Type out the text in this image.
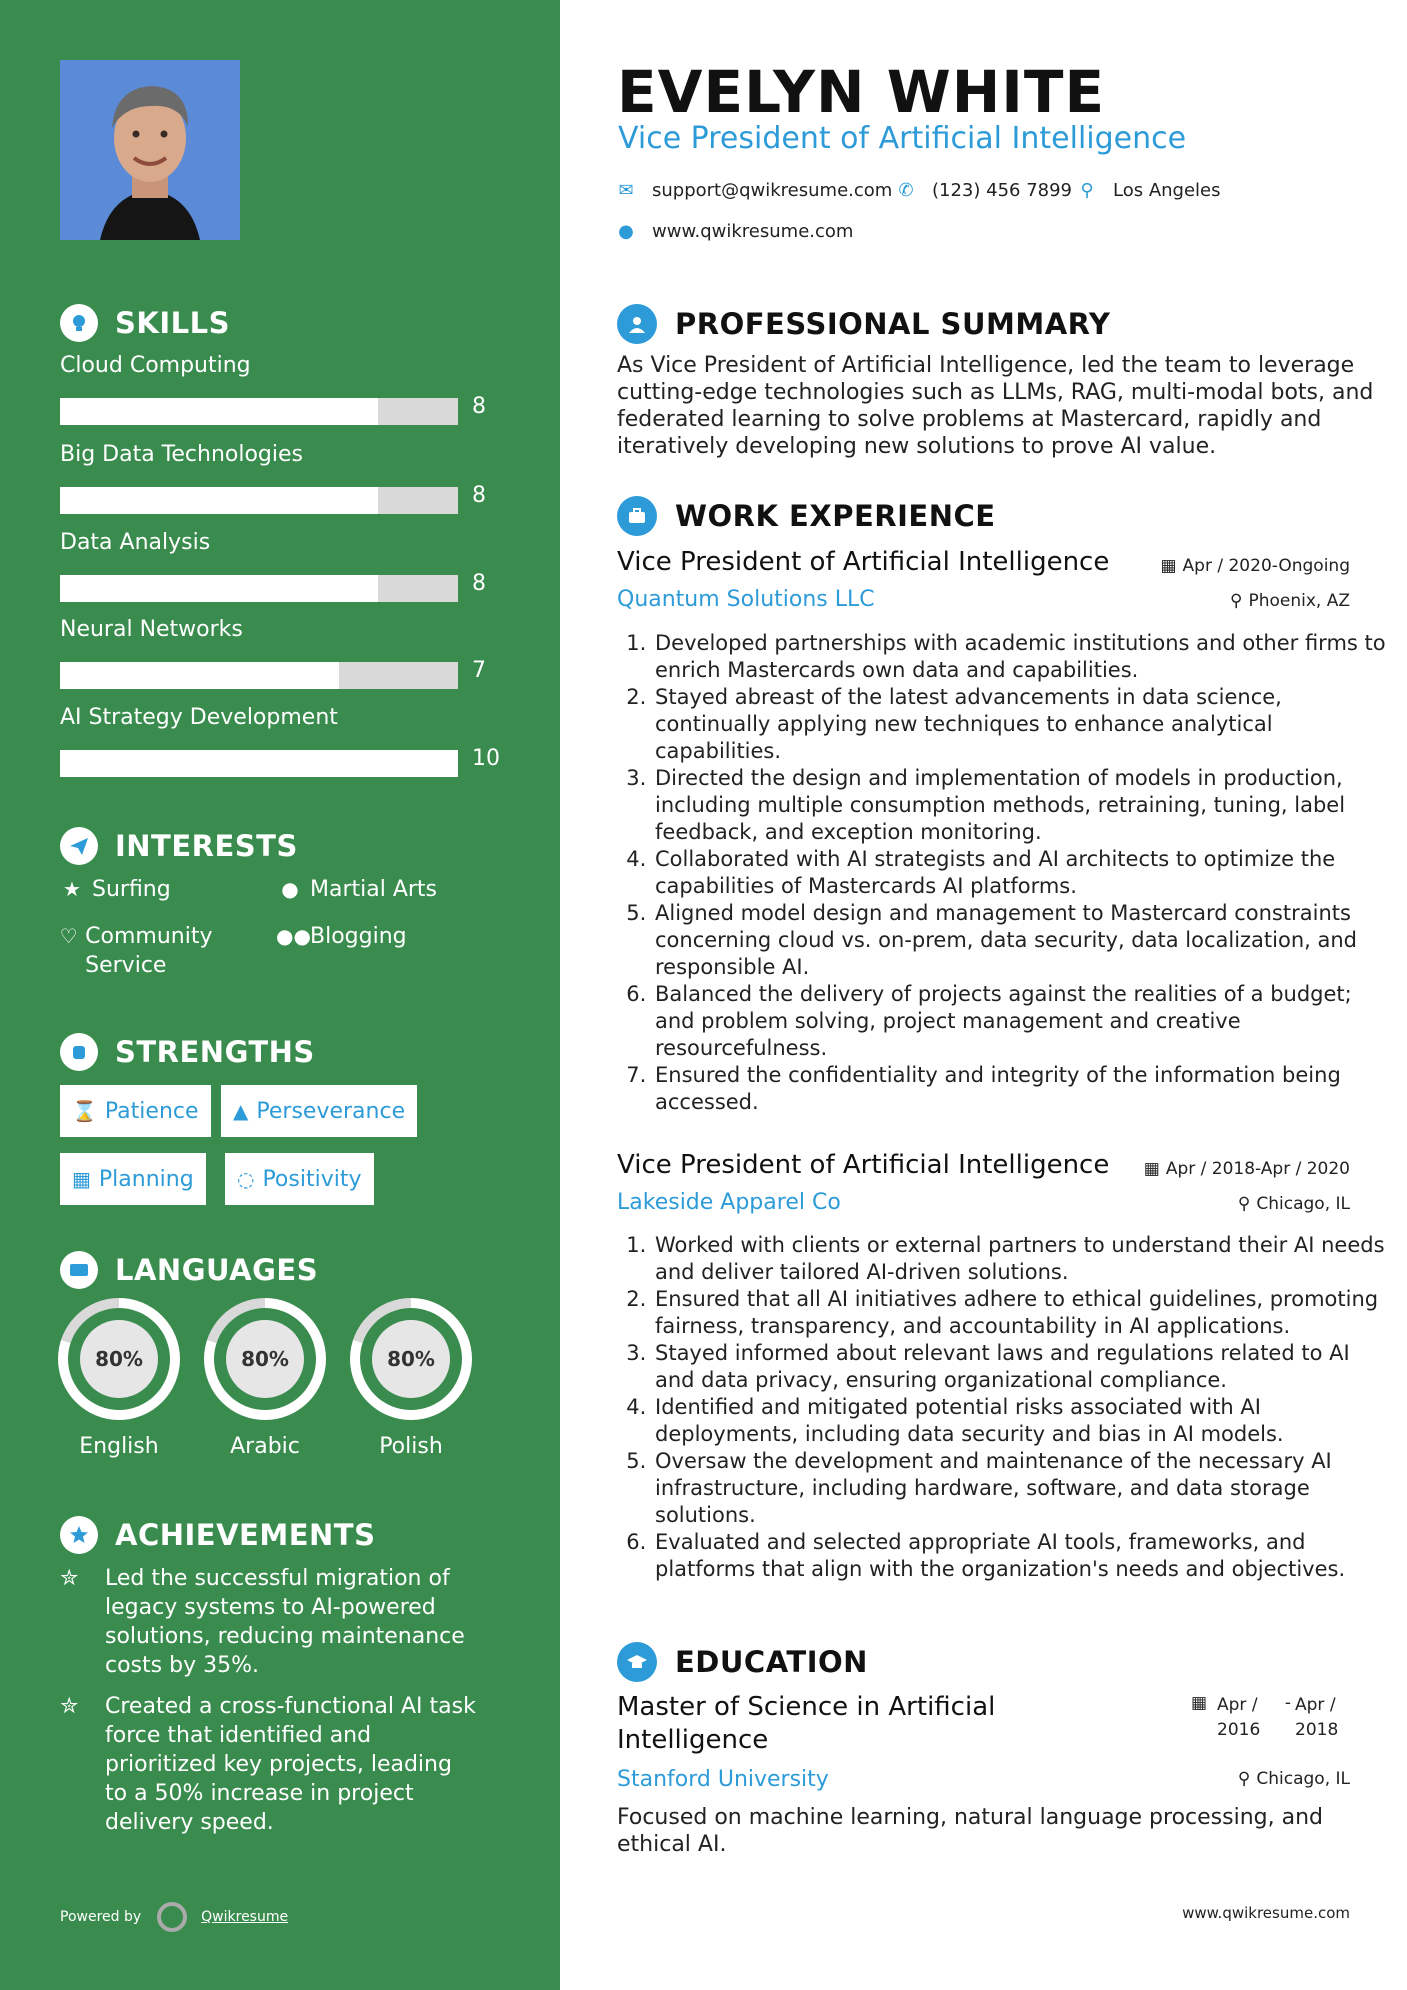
SKILLS
Cloud Computing
8
Big Data Technologies
8
Data Analysis
8
Neural Networks
7
AI Strategy Development
10
INTERESTS
★ Surfing	● Martial Arts
♡ Community Service
●● Blogging
STRENGTHS
⌛ Patience ▲ Perseverance
▦ Planning ◌ Positivity
LANGUAGES
80%
English
80%
Arabic
80%
Polish
ACHIEVEMENTS
✮	Led the successful migration of legacy systems to AI-powered solutions, reducing maintenance costs by 35%.
✮	Created a cross-functional AI task force that identified and prioritized key projects, leading to a 50% increase in project delivery speed.
Powered by	Qwikresume
EVELYN WHITE
Vice President of Artificial Intelligence
✉ support@qwikresume.com ✆ (123) 456 7899 ⚲ Los Angeles
● www.qwikresume.com
PROFESSIONAL SUMMARY
As Vice President of Artificial Intelligence, led the team to leverage cutting-edge technologies such as LLMs, RAG, multi-modal bots, and federated learning to solve problems at Mastercard, rapidly and iteratively developing new solutions to prove AI value.
WORK EXPERIENCE
Vice President of Artificial Intelligence	▦ Apr / 2020-Ongoing
Quantum Solutions LLC	⚲ Phoenix, AZ
1. Developed partnerships with academic institutions and other firms to enrich Mastercards own data and capabilities.
2. Stayed abreast of the latest advancements in data science, continually applying new techniques to enhance analytical capabilities.
3. Directed the design and implementation of models in production, including multiple consumption methods, retraining, tuning, label feedback, and exception monitoring.
4. Collaborated with AI strategists and AI architects to optimize the capabilities of Mastercards AI platforms.
5. Aligned model design and management to Mastercard constraints concerning cloud vs. on-prem, data security, data localization, and responsible AI.
6. Balanced the delivery of projects against the realities of a budget; and problem solving, project management and creative resourcefulness.
7. Ensured the confidentiality and integrity of the information being accessed.
Vice President of Artificial Intelligence ▦ Apr / 2018-Apr / 2020
Lakeside Apparel Co	⚲ Chicago, IL
1. Worked with clients or external partners to understand their AI needs and deliver tailored AI-driven solutions.
2. Ensured that all AI initiatives adhere to ethical guidelines, promoting fairness, transparency, and accountability in AI applications.
3. Stayed informed about relevant laws and regulations related to AI and data privacy, ensuring organizational compliance.
4. Identified and mitigated potential risks associated with AI deployments, including data security and bias in AI models.
5. Oversaw the development and maintenance of the necessary AI infrastructure, including hardware, software, and data storage solutions.
6. Evaluated and selected appropriate AI tools, frameworks, and platforms that align with the organization's needs and objectives.
EDUCATION
Master of Science in Artificial Intelligence
▦ Apr / 2016
- Apr / 2018
Stanford University	⚲ Chicago, IL
Focused on machine learning, natural language processing, and ethical AI.
www.qwikresume.com
